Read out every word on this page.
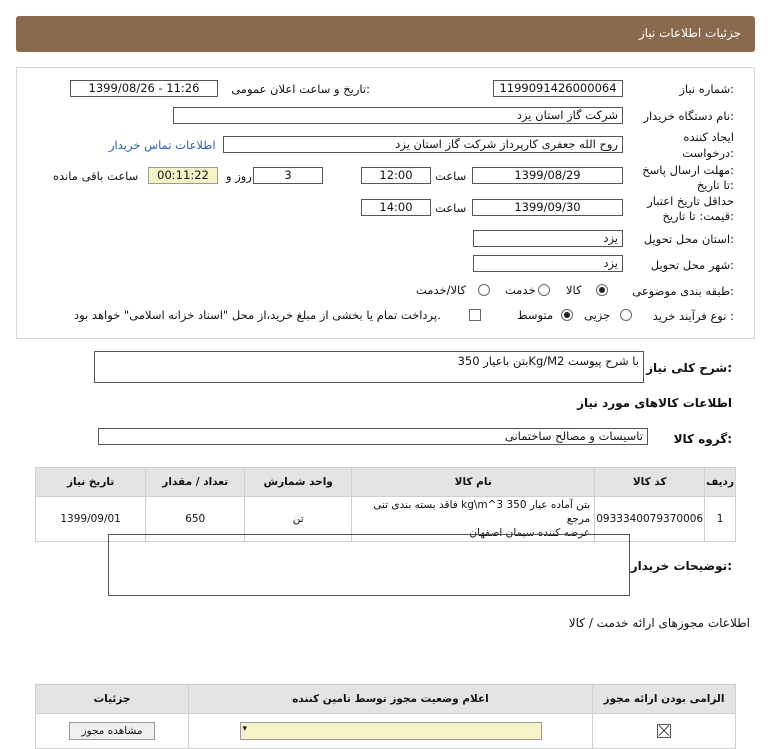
جزئیات اطلاعات نیاز
شماره نیاز:
1199091426000064
تاریخ و ساعت اعلان عمومی:
1399/08/26 - 11:26
نام دستگاه خریدار:
شرکت گاز استان یزد
ایجاد کننده
درخواست:
روح الله جعفری کارپرداز شرکت گاز استان یزد
اطلاعات تماس خریدار
مهلت ارسال پاسخ:
تا تاریخ:
1399/08/29
ساعت
12:00
3
روز و
00:11:22
ساعت باقی مانده
حداقل تاریخ اعتبار
قیمت: تا تاریخ:
1399/09/30
ساعت
14:00
استان محل تحویل:
یزد
شهر محل تحویل:
یزد
طبقه بندی موضوعی:
کالا
خدمت
کالا/خدمت
نوع فرآیند خرید :
جزیی
متوسط
پرداخت تمام یا بخشی از مبلغ خرید،از محل "اسناد خزانه اسلامی" خواهد بود.
شرح کلی نیاز:
بتن باعیار 350Kg/M2 با شرح پیوست
اطلاعات کالاهای مورد نیاز
گروه کالا:
تاسیسات و مصالح ساختمانی
ردیف	کد کالا	نام کالا	واحد شمارش	تعداد / مقدار	تاریخ نیاز
1	0933340079370006	بتن آماده عیار 350 kg\m^3 فاقد بسته بندی تنی مرجع
عرضه کننده سیمان اصفهان	تن	650	1399/09/01
توضیحات خریدار:
اطلاعات مجوزهای ارائه خدمت / کالا
الزامی بودن ارائه مجوز	اعلام وضعیت مجوز توسط تامین کننده	جزئیات

	▾	مشاهده مجوز
